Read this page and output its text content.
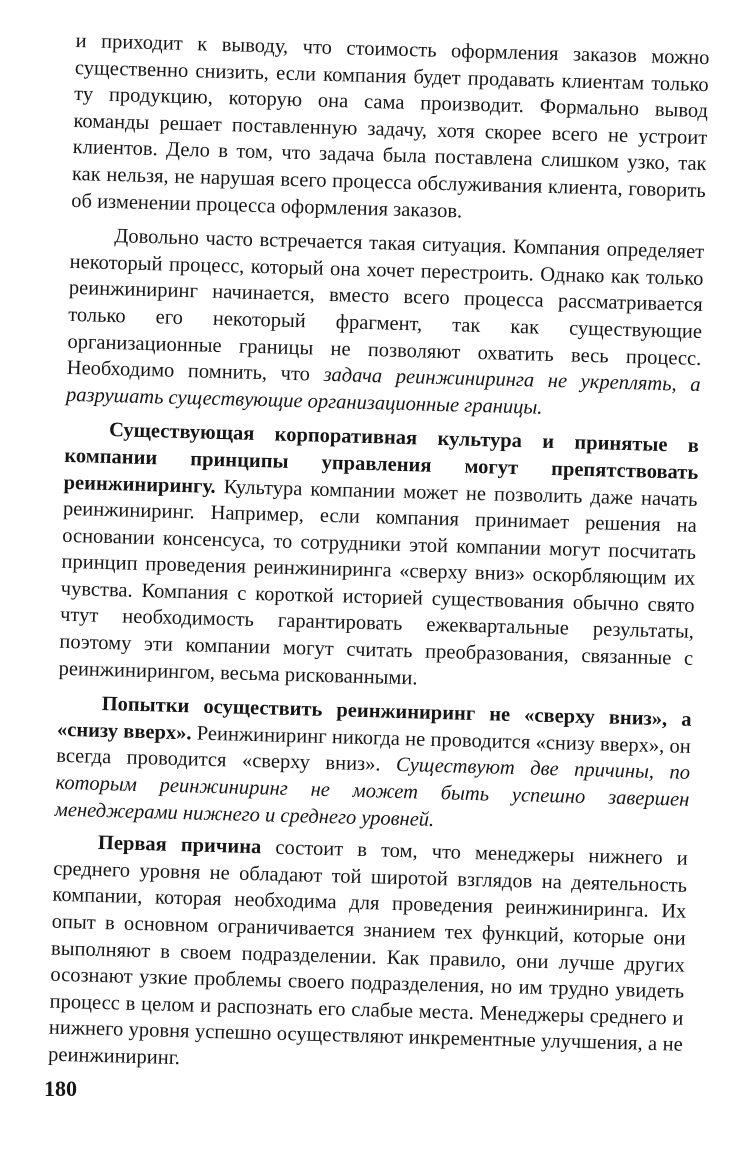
и приходит к выводу, что стоимость оформления заказов можно существенно снизить, если компания будет продавать клиентам только ту продукцию, которую она сама производит. Формально вывод команды решает поставленную задачу, хотя скорее всего не устроит клиентов. Дело в том, что задача была поставлена слишком узко, так как нельзя, не нарушая всего процесса обслуживания клиента, говорить об изменении процесса оформления заказов.

Довольно часто встречается такая ситуация. Компания определяет некоторый процесс, который она хочет перестроить. Однако как только реинжиниринг начинается, вместо всего процесса рассматривается только его некоторый фрагмент, так как существующие организационные границы не позволяют охватить весь процесс. Необходимо помнить, что задача реинжиниринга не укреплять, а разрушать существующие организационные границы.

Существующая корпоративная культура и принятые в компании принципы управления могут препятствовать реинжинирингу. Культура компании может не позволить даже начать реинжиниринг. Например, если компания принимает решения на основании консенсуса, то сотрудники этой компании могут посчитать принцип проведения реинжиниринга «сверху вниз» оскорбляющим их чувства. Компания с короткой историей существования обычно свято чтут необходимость гарантировать ежеквартальные результаты, поэтому эти компании могут считать преобразования, связанные с реинжинирингом, весьма рискованными.

Попытки осуществить реинжиниринг не «сверху вниз», а «снизу вверх». Реинжиниринг никогда не проводится «снизу вверх», он всегда проводится «сверху вниз». Существуют две причины, по которым реинжиниринг не может быть успешно завершен менеджерами нижнего и среднего уровней.

Первая причина состоит в том, что менеджеры нижнего и среднего уровня не обладают той широтой взглядов на деятельность компании, которая необходима для проведения реинжиниринга. Их опыт в основном ограничивается знанием тех функций, которые они выполняют в своем подразделении. Как правило, они лучше других осознают узкие проблемы своего подразделения, но им трудно увидеть процесс в целом и распознать его слабые места. Менеджеры среднего и нижнего уровня успешно осуществляют инкрементные улучшения, а не реинжиниринг.

180
